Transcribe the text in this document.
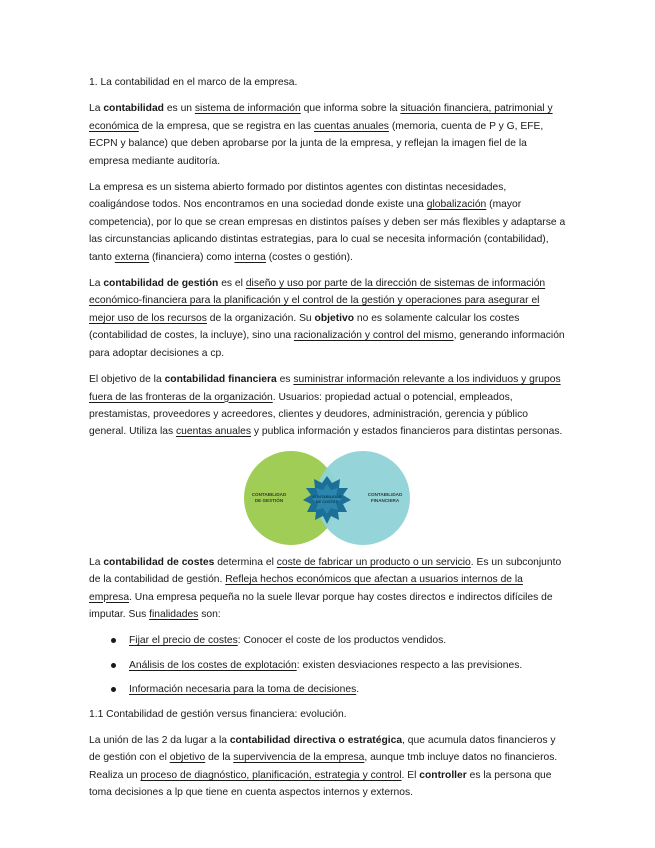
1. La contabilidad en el marco de la empresa.
La contabilidad es un sistema de información que informa sobre la situación financiera, patrimonial y económica de la empresa, que se registra en las cuentas anuales (memoria, cuenta de P y G, EFE, ECPN y balance) que deben aprobarse por la junta de la empresa, y reflejan la imagen fiel de la empresa mediante auditoría.
La empresa es un sistema abierto formado por distintos agentes con distintas necesidades, coaligándose todos. Nos encontramos en una sociedad donde existe una globalización (mayor competencia), por lo que se crean empresas en distintos países y deben ser más flexibles y adaptarse a las circunstancias aplicando distintas estrategias, para lo cual se necesita información (contabilidad), tanto externa (financiera) como interna (costes o gestión).
La contabilidad de gestión es el diseño y uso por parte de la dirección de sistemas de información económico-financiera para la planificación y el control de la gestión y operaciones para asegurar el mejor uso de los recursos de la organización. Su objetivo no es solamente calcular los costes (contabilidad de costes, la incluye), sino una racionalización y control del mismo, generando información para adoptar decisiones a cp.
El objetivo de la contabilidad financiera es suministrar información relevante a los individuos y grupos fuera de las fronteras de la organización. Usuarios: propiedad actual o potencial, empleados, prestamistas, proveedores y acreedores, clientes y deudores, administración, gerencia y público general. Utiliza las cuentas anuales y publica información y estados financieros para distintas personas.
CONTABILIDAD
DE GESTIÓN
CONTABILIDAD
DE COSTES
CONTABILIDAD
FINANCIERA
La contabilidad de costes determina el coste de fabricar un producto o un servicio. Es un subconjunto de la contabilidad de gestión. Refleja hechos económicos que afectan a usuarios internos de la empresa. Una empresa pequeña no la suele llevar porque hay costes directos e indirectos difíciles de imputar. Sus finalidades son:
Fijar el precio de costes: Conocer el coste de los productos vendidos.
Análisis de los costes de explotación: existen desviaciones respecto a las previsiones.
Información necesaria para la toma de decisiones.
1.1 Contabilidad de gestión versus financiera: evolución.
La unión de las 2 da lugar a la contabilidad directiva o estratégica, que acumula datos financieros y de gestión con el objetivo de la supervivencia de la empresa, aunque tmb incluye datos no financieros. Realiza un proceso de diagnóstico, planificación, estrategia y control. El controller es la persona que toma decisiones a lp que tiene en cuenta aspectos internos y externos.
